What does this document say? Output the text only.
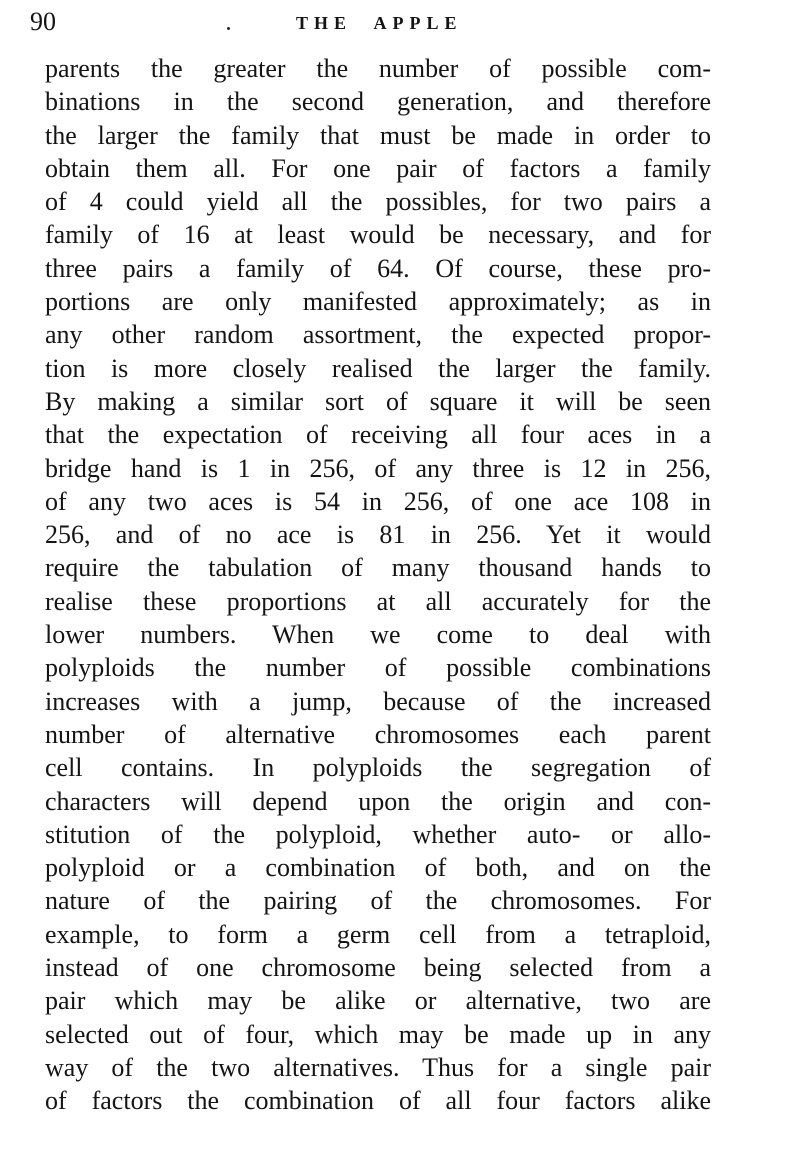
90	THE APPLE
parents the greater the number of possible com-
binations in the second generation, and therefore
the larger the family that must be made in order to
obtain them all. For one pair of factors a family
of 4 could yield all the possibles, for two pairs a
family of 16 at least would be necessary, and for
three pairs a family of 64. Of course, these pro-
portions are only manifested approximately; as in
any other random assortment, the expected propor-
tion is more closely realised the larger the family.
By making a similar sort of square it will be seen
that the expectation of receiving all four aces in a
bridge hand is 1 in 256, of any three is 12 in 256,
of any two aces is 54 in 256, of one ace 108 in
256, and of no ace is 81 in 256. Yet it would
require the tabulation of many thousand hands to
realise these proportions at all accurately for the
lower numbers. When we come to deal with
polyploids the number of possible combinations
increases with a jump, because of the increased
number of alternative chromosomes each parent
cell contains. In polyploids the segregation of
characters will depend upon the origin and con-
stitution of the polyploid, whether auto- or allo-
polyploid or a combination of both, and on the
nature of the pairing of the chromosomes. For
example, to form a germ cell from a tetraploid,
instead of one chromosome being selected from a
pair which may be alike or alternative, two are
selected out of four, which may be made up in any
way of the two alternatives. Thus for a single pair
of factors the combination of all four factors alike
